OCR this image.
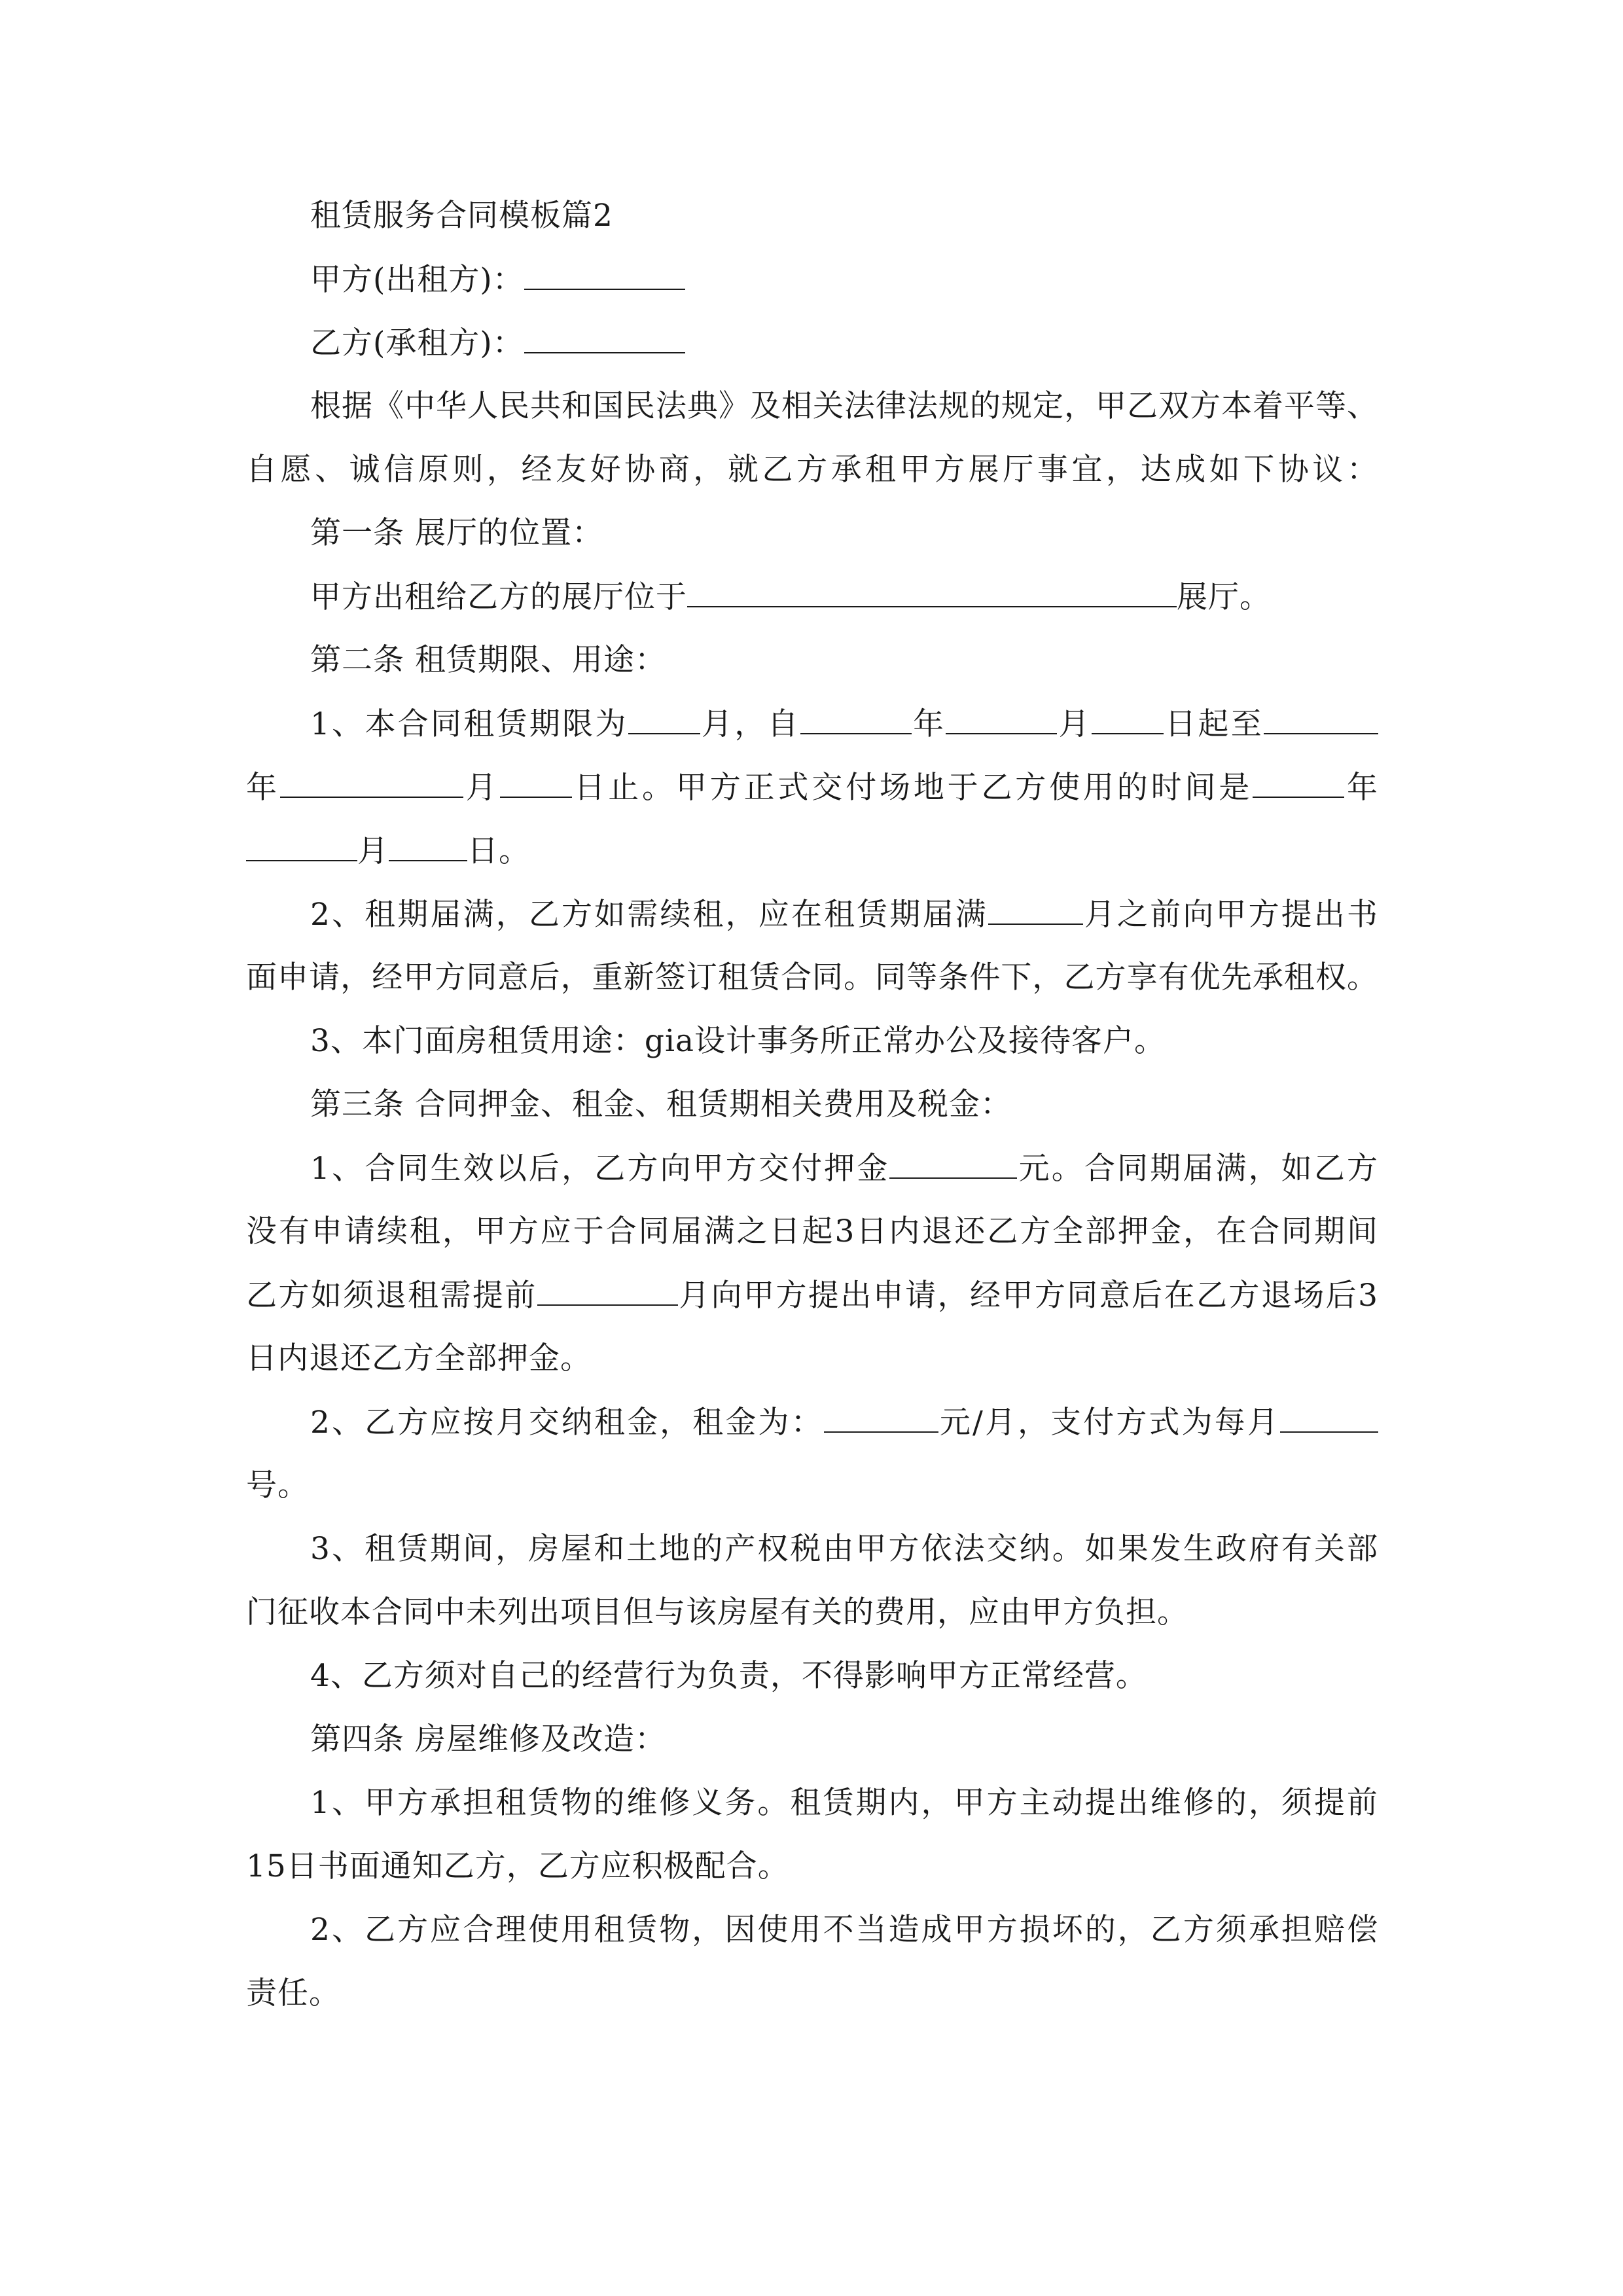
租赁服务合同模板篇2
甲方(出租方)：
乙方(承租方)：
根据《中华人民共和国民法典》及相关法律法规的规定，甲乙双方本着平等、
自愿、诚信原则，经友好协商，就乙方承租甲方展厅事宜，达成如下协议：
第一条 展厅的位置：
甲方出租给乙方的展厅位于	展厅。
第二条 租赁期限、用途：
1、本合同租赁期限为 月，自	年	月 日起至
年	月 日止。甲方正式交付场地于乙方使用的时间是	年
月	日。
2、租期届满，乙方如需续租，应在租赁期届满	月之前向甲方提出书
面申请，经甲方同意后，重新签订租赁合同。同等条件下，乙方享有优先承租权。
3、本门面房租赁用途：gia设计事务所正常办公及接待客户。
第三条 合同押金、租金、租赁期相关费用及税金：
1、合同生效以后，乙方向甲方交付押金	元。合同期届满，如乙方
没有申请续租，甲方应于合同届满之日起3日内退还乙方全部押金，在合同期间
乙方如须退租需提前	月向甲方提出申请，经甲方同意后在乙方退场后3
日内退还乙方全部押金。
2、乙方应按月交纳租金，租金为：	元/月，支付方式为每月
号。
3、租赁期间，房屋和土地的产权税由甲方依法交纳。如果发生政府有关部
门征收本合同中未列出项目但与该房屋有关的费用，应由甲方负担。
4、乙方须对自己的经营行为负责，不得影响甲方正常经营。
第四条 房屋维修及改造：
1、甲方承担租赁物的维修义务。租赁期内，甲方主动提出维修的，须提前
15日书面通知乙方，乙方应积极配合。
2、乙方应合理使用租赁物，因使用不当造成甲方损坏的，乙方须承担赔偿
责任。
